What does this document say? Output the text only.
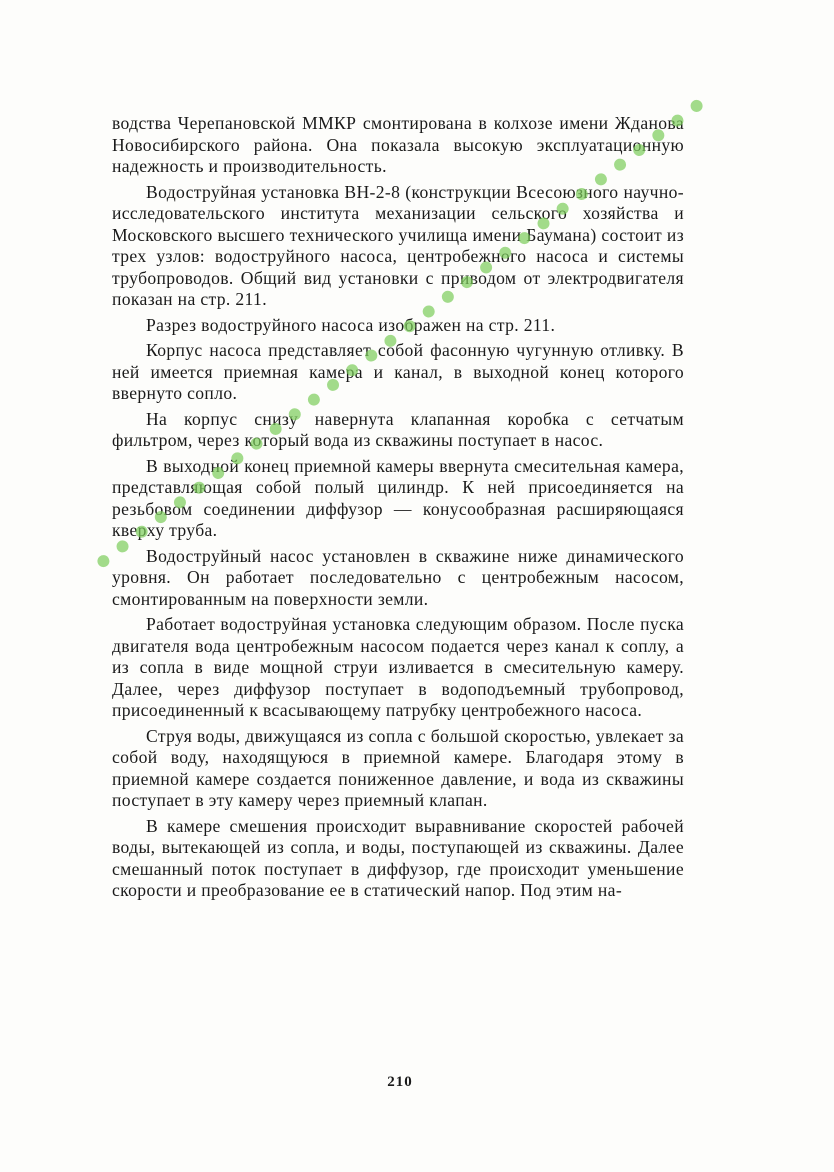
водства Черепановской ММКР смонтирована в колхозе имени Жданова Новосибирского района. Она показала высокую эксплуатационную надежность и производительность.

Водоструйная установка ВН-2-8 (конструкции Всесоюзного научно-исследовательского института механизации сельского хозяйства и Московского высшего технического училища имени Баумана) состоит из трех узлов: водоструйного насоса, центробежного насоса и системы трубопроводов. Общий вид установки с приводом от электродвигателя показан на стр. 211.

Разрез водоструйного насоса изображен на стр. 211.

Корпус насоса представляет собой фасонную чугунную отливку. В ней имеется приемная камера и канал, в выходной конец которого ввернуто сопло.

На корпус снизу навернута клапанная коробка с сетчатым фильтром, через который вода из скважины поступает в насос.

В выходной конец приемной камеры ввернута смесительная камера, представляющая собой полый цилиндр. К ней присоединяется на резьбовом соединении диффузор — конусообразная расширяющаяся кверху труба.

Водоструйный насос установлен в скважине ниже динамического уровня. Он работает последовательно с центробежным насосом, смонтированным на поверхности земли.

Работает водоструйная установка следующим образом. После пуска двигателя вода центробежным насосом подается через канал к соплу, а из сопла в виде мощной струи изливается в смесительную камеру. Далее, через диффузор поступает в водоподъемный трубопровод, присоединенный к всасывающему патрубку центробежного насоса.

Струя воды, движущаяся из сопла с большой скоростью, увлекает за собой воду, находящуюся в приемной камере. Благодаря этому в приемной камере создается пониженное давление, и вода из скважины поступает в эту камеру через приемный клапан.

В камере смешения происходит выравнивание скоростей рабочей воды, вытекающей из сопла, и воды, поступающей из скважины. Далее смешанный поток поступает в диффузор, где происходит уменьшение скорости и преобразование ее в статический напор. Под этим на-

210
